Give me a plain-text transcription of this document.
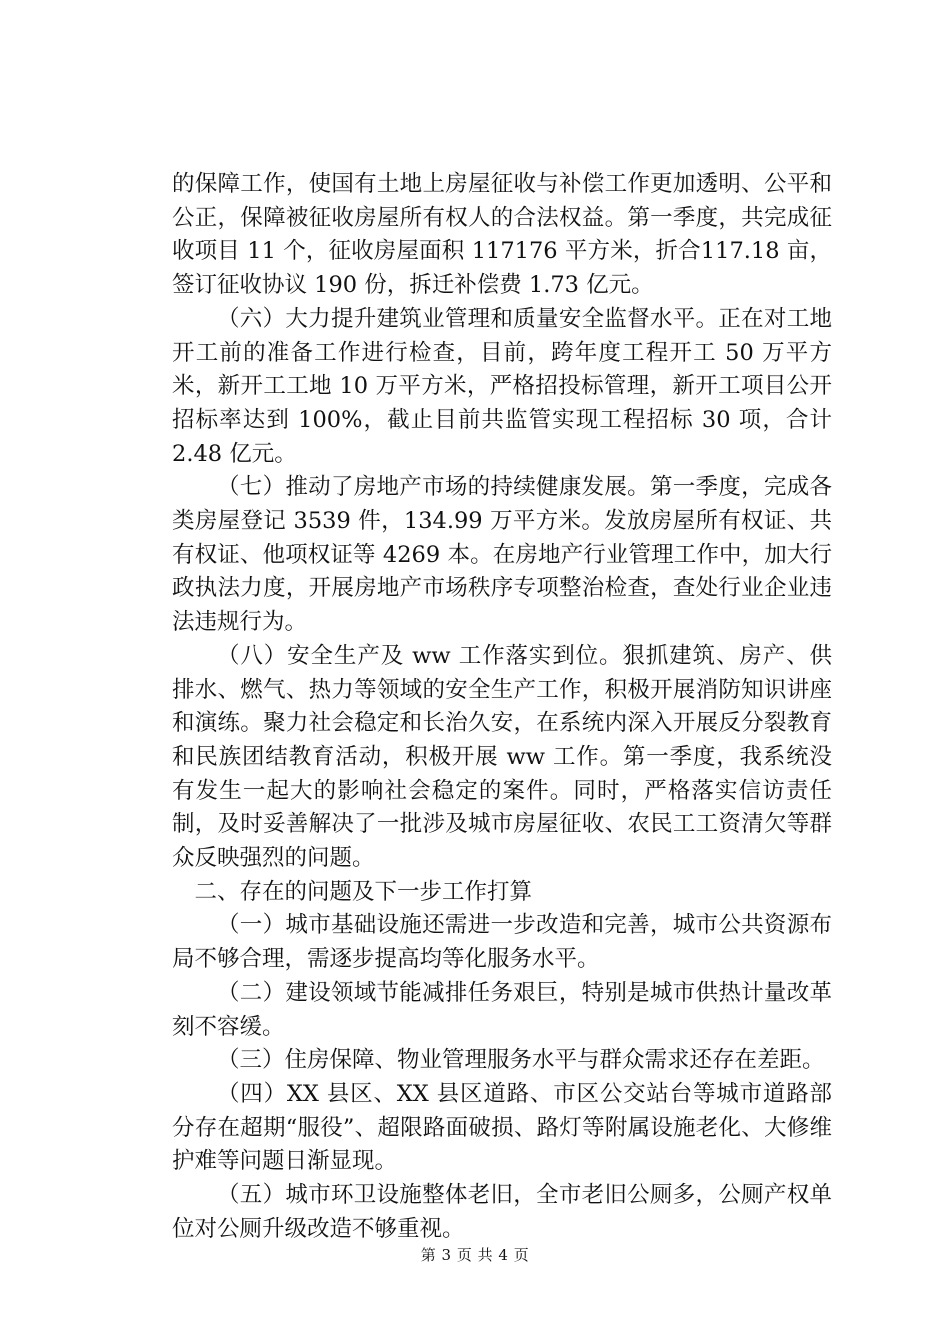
的保障工作，使国有土地上房屋征收与补偿工作更加透明、公平和公正，保障被征收房屋所有权人的合法权益。第一季度，共完成征收项目 11 个，征收房屋面积 117176 平方米，折合117.18 亩，签订征收协议 190 份，拆迁补偿费 1.73 亿元。

（六）大力提升建筑业管理和质量安全监督水平。正在对工地开工前的准备工作进行检查，目前，跨年度工程开工 50 万平方米，新开工工地 10 万平方米，严格招投标管理，新开工项目公开招标率达到 100%，截止目前共监管实现工程招标 30 项，合计 2.48 亿元。

（七）推动了房地产市场的持续健康发展。第一季度，完成各类房屋登记 3539 件，134.99 万平方米。发放房屋所有权证、共有权证、他项权证等 4269 本。在房地产行业管理工作中，加大行政执法力度，开展房地产市场秩序专项整治检查，查处行业企业违法违规行为。

（八）安全生产及 ww 工作落实到位。狠抓建筑、房产、供排水、燃气、热力等领域的安全生产工作，积极开展消防知识讲座和演练。聚力社会稳定和长治久安，在系统内深入开展反分裂教育和民族团结教育活动，积极开展 ww 工作。第一季度，我系统没有发生一起大的影响社会稳定的案件。同时，严格落实信访责任制，及时妥善解决了一批涉及城市房屋征收、农民工工资清欠等群众反映强烈的问题。

二、存在的问题及下一步工作打算

（一）城市基础设施还需进一步改造和完善，城市公共资源布局不够合理，需逐步提高均等化服务水平。

（二）建设领域节能减排任务艰巨，特别是城市供热计量改革刻不容缓。

（三）住房保障、物业管理服务水平与群众需求还存在差距。

（四）XX 县区、XX 县区道路、市区公交站台等城市道路部分存在超期“服役”、超限路面破损、路灯等附属设施老化、大修维护难等问题日渐显现。

（五）城市环卫设施整体老旧，全市老旧公厕多，公厕产权单位对公厕升级改造不够重视。

第 3 页 共 4 页
